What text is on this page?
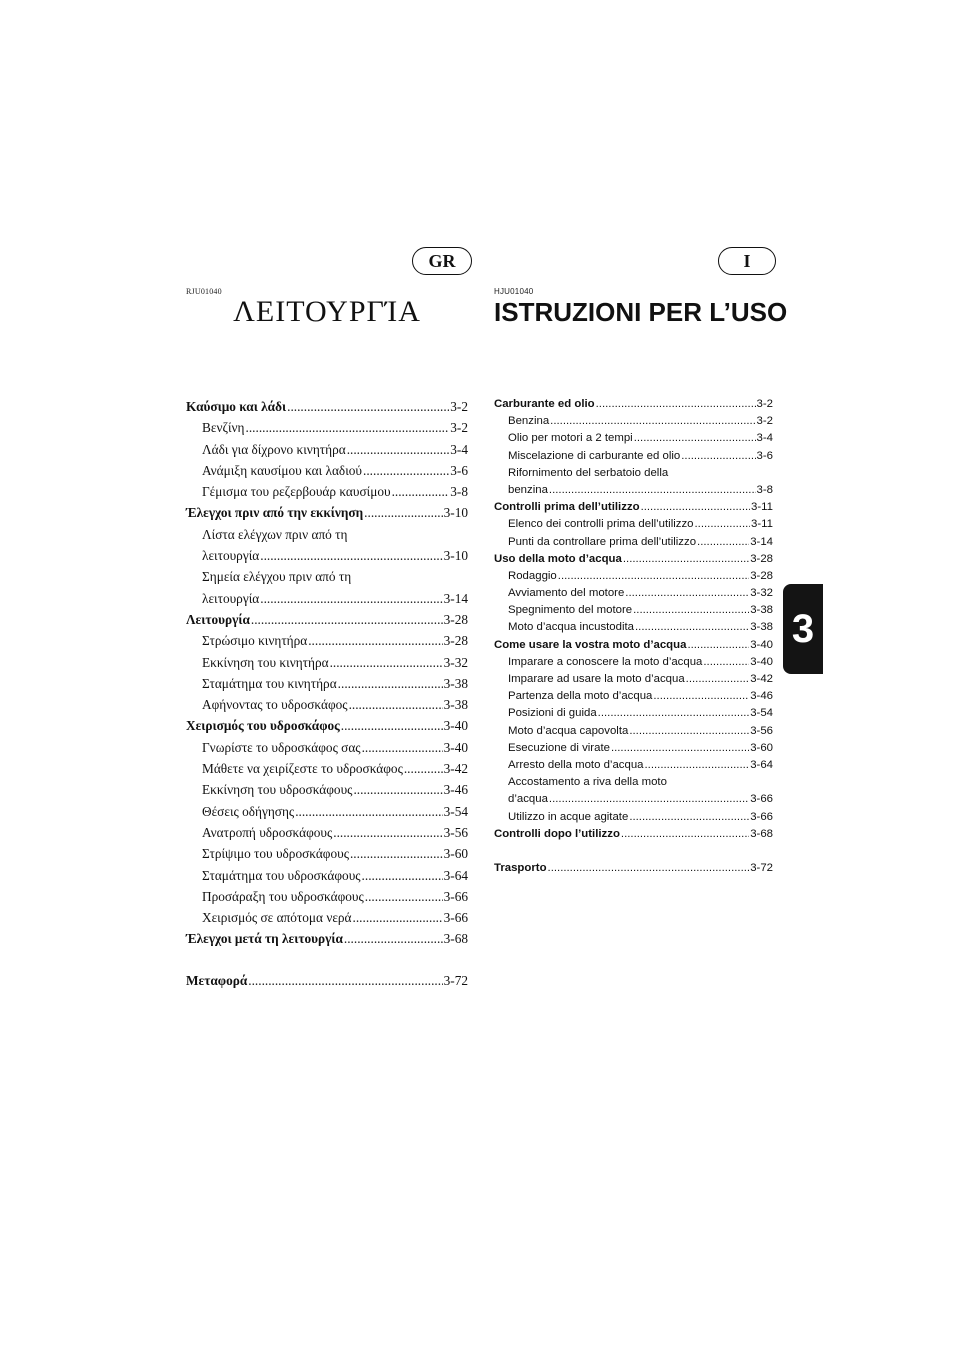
GR	I
RJU01040	HJU01040
ΛΕΙΤΟΥΡΓΊΑ	ISTRUZIONI PER L’USO
Καύσιμο και λάδι .....	3-2
Βενζίνη .....	3-2
Λάδι για δίχρονο κινητήρα .....	3-4
Ανάμιξη καυσίμου και λαδιού .....	3-6
Γέμισμα του ρεζερβουάρ καυσίμου .....	3-8
Έλεγχοι πριν από την εκκίνηση .....	3-10
Λίστα ελέγχων πριν από τη
λειτουργία .....	3-10
Σημεία ελέγχου πριν από τη
λειτουργία .....	3-14
Λειτουργία .....	3-28
Στρώσιμο κινητήρα .....	3-28
Εκκίνηση του κινητήρα .....	3-32
Σταμάτημα του κινητήρα .....	3-38
Αφήνοντας το υδροσκάφος .....	3-38
Χειρισμός του υδροσκάφος .....	3-40
Γνωρίστε το υδροσκάφος σας .....	3-40
Μάθετε να χειρίζεστε το υδροσκάφος .....	3-42
Εκκίνηση του υδροσκάφους .....	3-46
Θέσεις οδήγησης .....	3-54
Ανατροπή υδροσκάφους .....	3-56
Στρίψιμο του υδροσκάφους .....	3-60
Σταμάτημα του υδροσκάφους .....	3-64
Προσάραξη του υδροσκάφους .....	3-66
Χειρισμός σε απότομα νερά .....	3-66
Έλεγχοι μετά τη λειτουργία .....	3-68
Μεταφορά .....	3-72
Carburante ed olio .....	3-2
Benzina .....	3-2
Olio per motori a 2 tempi .....	3-4
Miscelazione di carburante ed olio .....	3-6
Rifornimento del serbatoio della
benzina .....	3-8
Controlli prima dell’utilizzo .....	3-11
Elenco dei controlli prima dell’utilizzo .....	3-11
Punti da controllare prima dell’utilizzo .....	3-14
Uso della moto d’acqua .....	3-28
Rodaggio .....	3-28
Avviamento del motore .....	3-32
Spegnimento del motore .....	3-38
Moto d’acqua incustodita .....	3-38
Come usare la vostra moto d’acqua .....	3-40
Imparare a conoscere la moto d’acqua .....	3-40
Imparare ad usare la moto d’acqua .....	3-42
Partenza della moto d’acqua .....	3-46
Posizioni di guida .....	3-54
Moto d’acqua capovolta .....	3-56
Esecuzione di virate .....	3-60
Arresto della moto d’acqua .....	3-64
Accostamento a riva della moto
d’acqua .....	3-66
Utilizzo in acque agitate .....	3-66
Controlli dopo l’utilizzo .....	3-68
Trasporto .....	3-72
3
